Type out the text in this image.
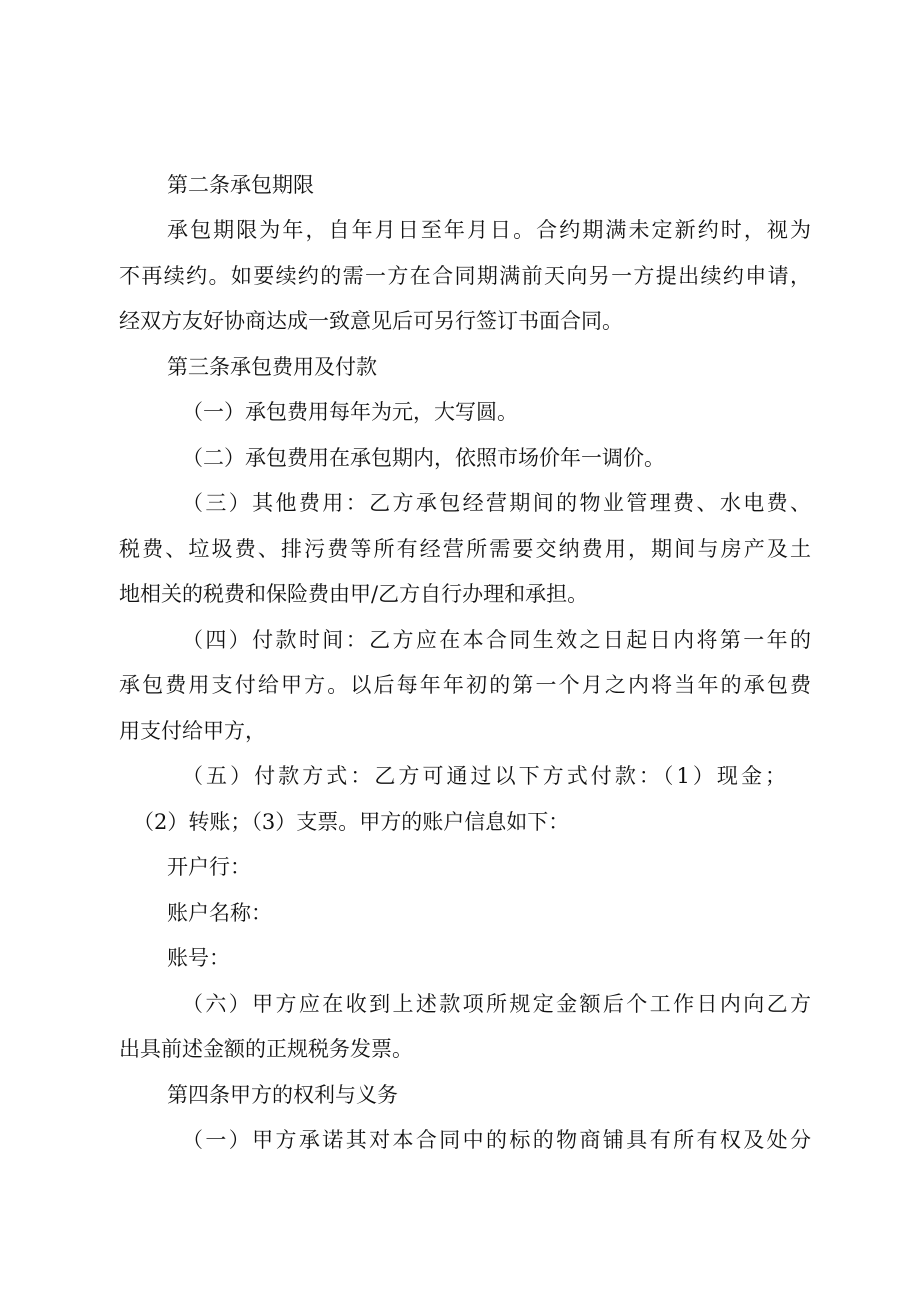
第二条承包期限

承包期限为年，自年月日至年月日。合约期满未定新约时，视为

不再续约。如要续约的需一方在合同期满前天向另一方提出续约申请，

经双方友好协商达成一致意见后可另行签订书面合同。

第三条承包费用及付款

（一）承包费用每年为元，大写圆。

（二）承包费用在承包期内，依照市场价年一调价。

（三）其他费用：乙方承包经营期间的物业管理费、水电费、

税费、垃圾费、排污费等所有经营所需要交纳费用，期间与房产及土

地相关的税费和保险费由甲/乙方自行办理和承担。

（四）付款时间：乙方应在本合同生效之日起日内将第一年的

承包费用支付给甲方。以后每年年初的第一个月之内将当年的承包费

用支付给甲方，

（五）付款方式：乙方可通过以下方式付款：（1）现金；

（2）转账；（3）支票。甲方的账户信息如下：

开户行：

账户名称：

账号：

（六）甲方应在收到上述款项所规定金额后个工作日内向乙方

出具前述金额的正规税务发票。

第四条甲方的权利与义务

（一）甲方承诺其对本合同中的标的物商铺具有所有权及处分
